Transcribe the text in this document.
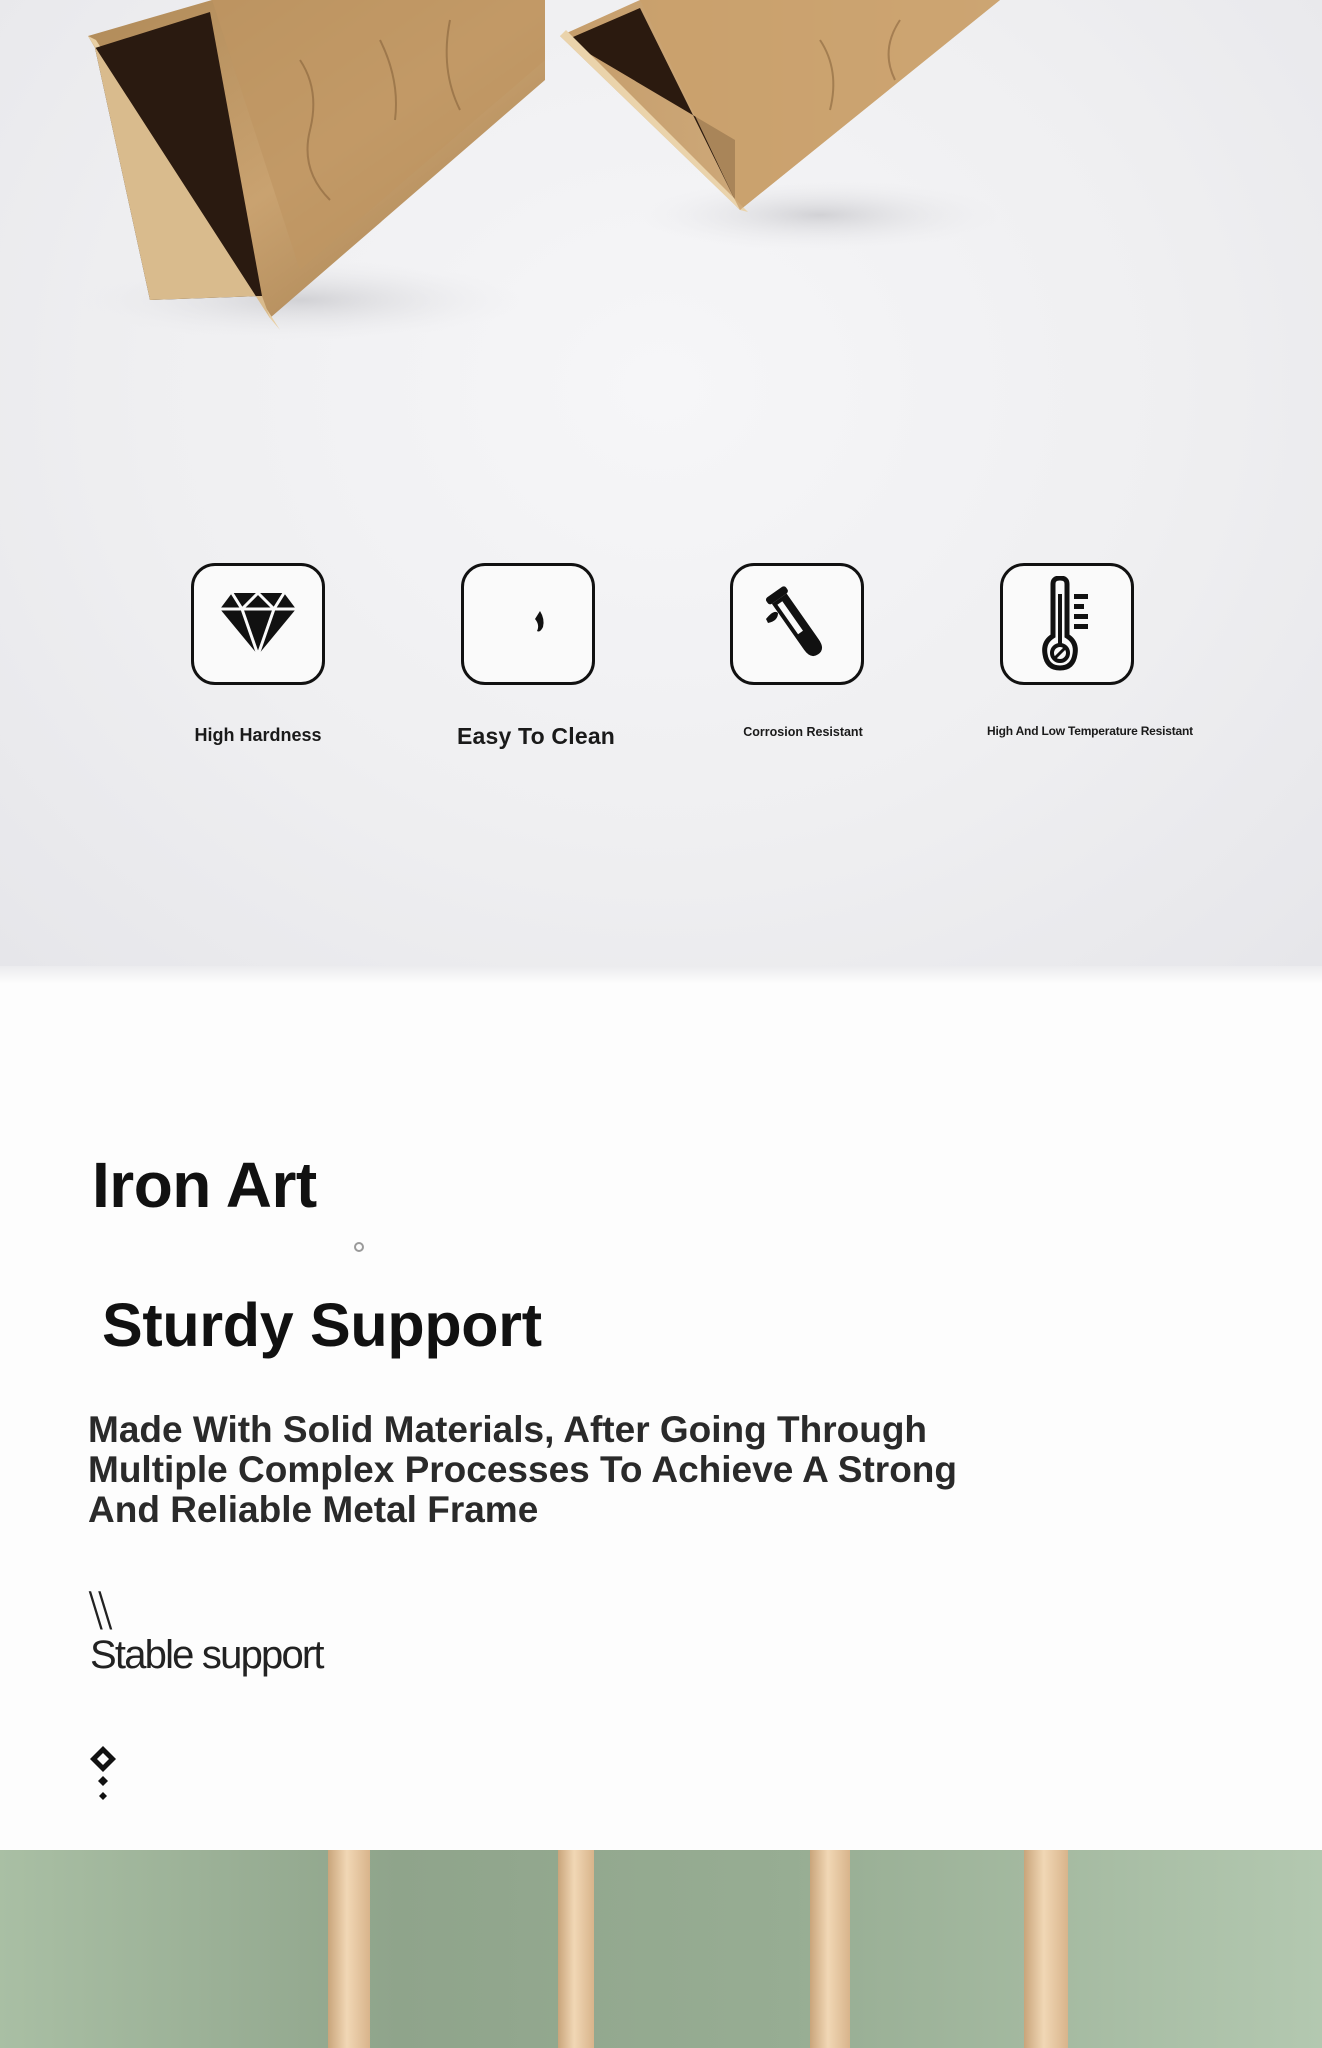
High Hardness	Easy To Clean	Corrosion Resistant	High And Low Temperature Resistant
Iron Art
Sturdy Support

Made With Solid Materials, After Going Through Multiple Complex Processes To Achieve A Strong And Reliable Metal Frame

\\
Stable support
